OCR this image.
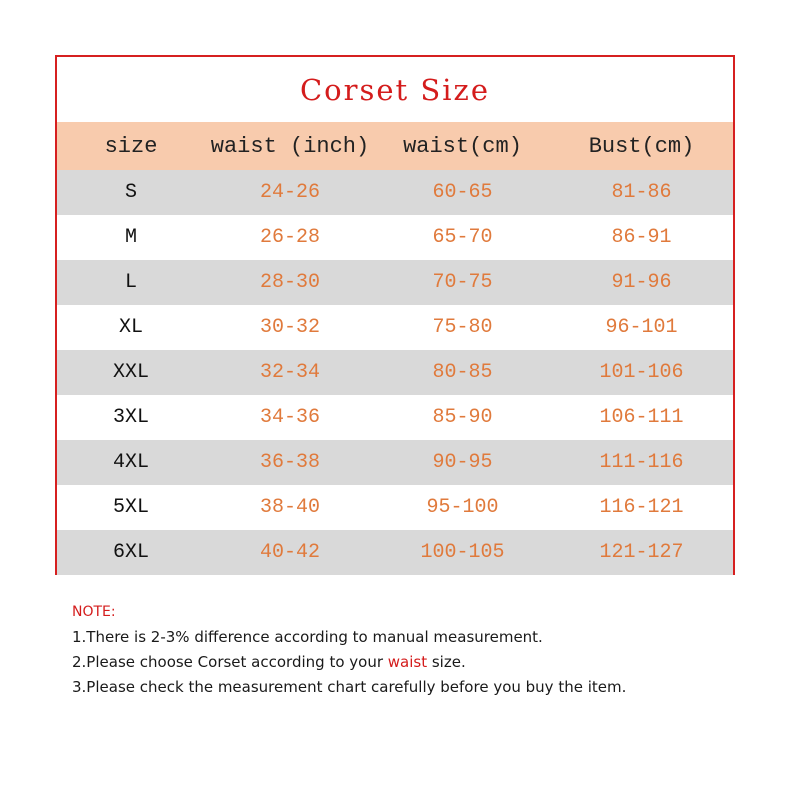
Corset Size
size	waist (inch)	waist(cm)	Bust(cm)
S	24-26	60-65	81-86
M	26-28	65-70	86-91
L	28-30	70-75	91-96
XL	30-32	75-80	96-101
XXL	32-34	80-85	101-106
3XL	34-36	85-90	106-111
4XL	36-38	90-95	111-116
5XL	38-40	95-100	116-121
6XL	40-42	100-105	121-127
NOTE:
1.There is 2-3% difference according to manual measurement.
2.Please choose Corset according to your waist size.
3.Please check the measurement chart carefully before you buy the item.
